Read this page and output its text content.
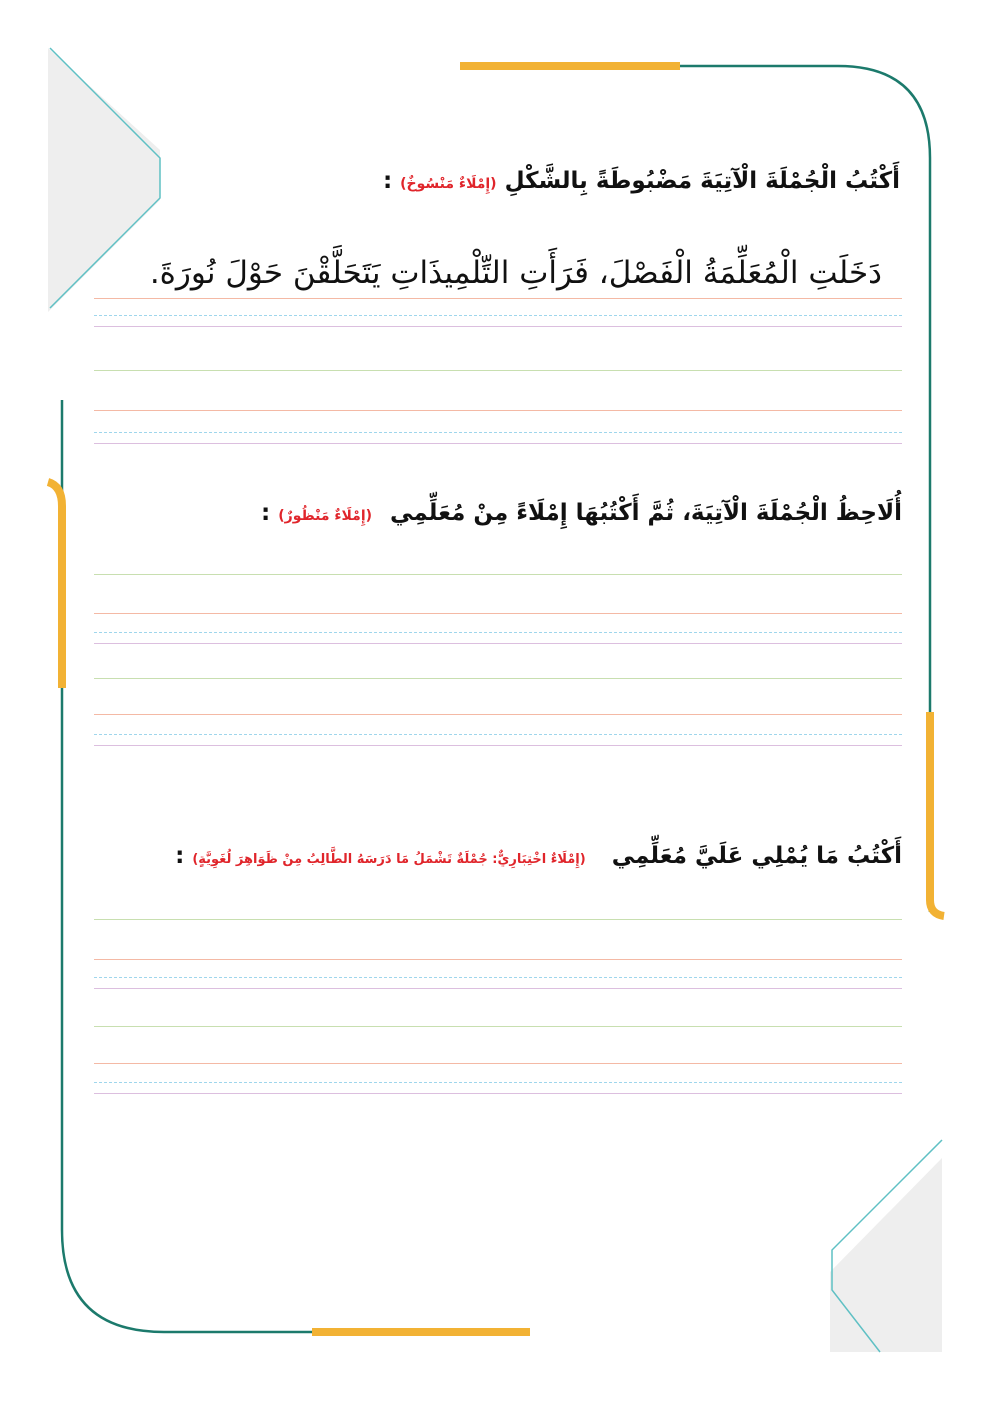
أَكْتُبُ الْجُمْلَةَ الْآتِيَةَ مَضْبُوطَةً بِالشَّكْلِ (إِمْلَاءٌ مَنْسُوخٌ) :
دَخَلَتِ الْمُعَلِّمَةُ الْفَصْلَ، فَرَأَتِ التِّلْمِيذَاتِ يَتَحَلَّقْنَ حَوْلَ نُورَةَ.
أُلَاحِظُ الْجُمْلَةَ الْآتِيَةَ، ثُمَّ أَكْتُبُهَا إِمْلَاءً مِنْ مُعَلِّمِي (إِمْلَاءٌ مَنْظُورٌ) :
أَكْتُبُ مَا يُمْلِي عَلَيَّ مُعَلِّمِي (إِمْلَاءٌ اخْتِبَارِيٌّ: جُمْلَةٌ تَشْمَلُ مَا دَرَسَهُ الطَّالِبُ مِنْ ظَوَاهِرَ لُغَوِيَّةٍ) :
